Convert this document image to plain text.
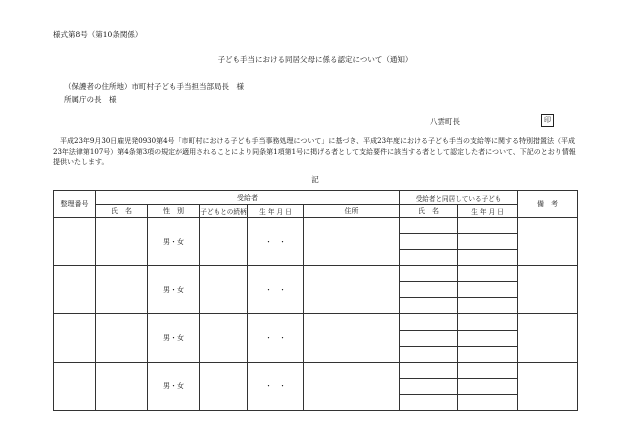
様式第8号（第10条関係）
子ども手当における同居父母に係る認定について（通知）
（保護者の住所地）市町村子ども手当担当部局長　様
所属庁の長　様
八雲町長	印
平成23年9月30日雇児発0930第4号「市町村における子ども手当事務処理について」に基づき、平成23年度における子ども手当の支給等に関する特別措置法（平成23年法律第107号）第4条第3項の規定が適用されることにより同条第1項第1号に掲げる者として支給要件に該当する者として認定した者について、下記のとおり情報提供いたします。
記
整理番号	受給者					受給者と同居している子ども		備　考
	氏　名	性　別	子どもとの続柄	生 年 月 日	住所	氏　名	生 年 月 日	
		男・女		・　・				

		男・女		・　・				

		男・女		・　・				

		男・女		・　・				
